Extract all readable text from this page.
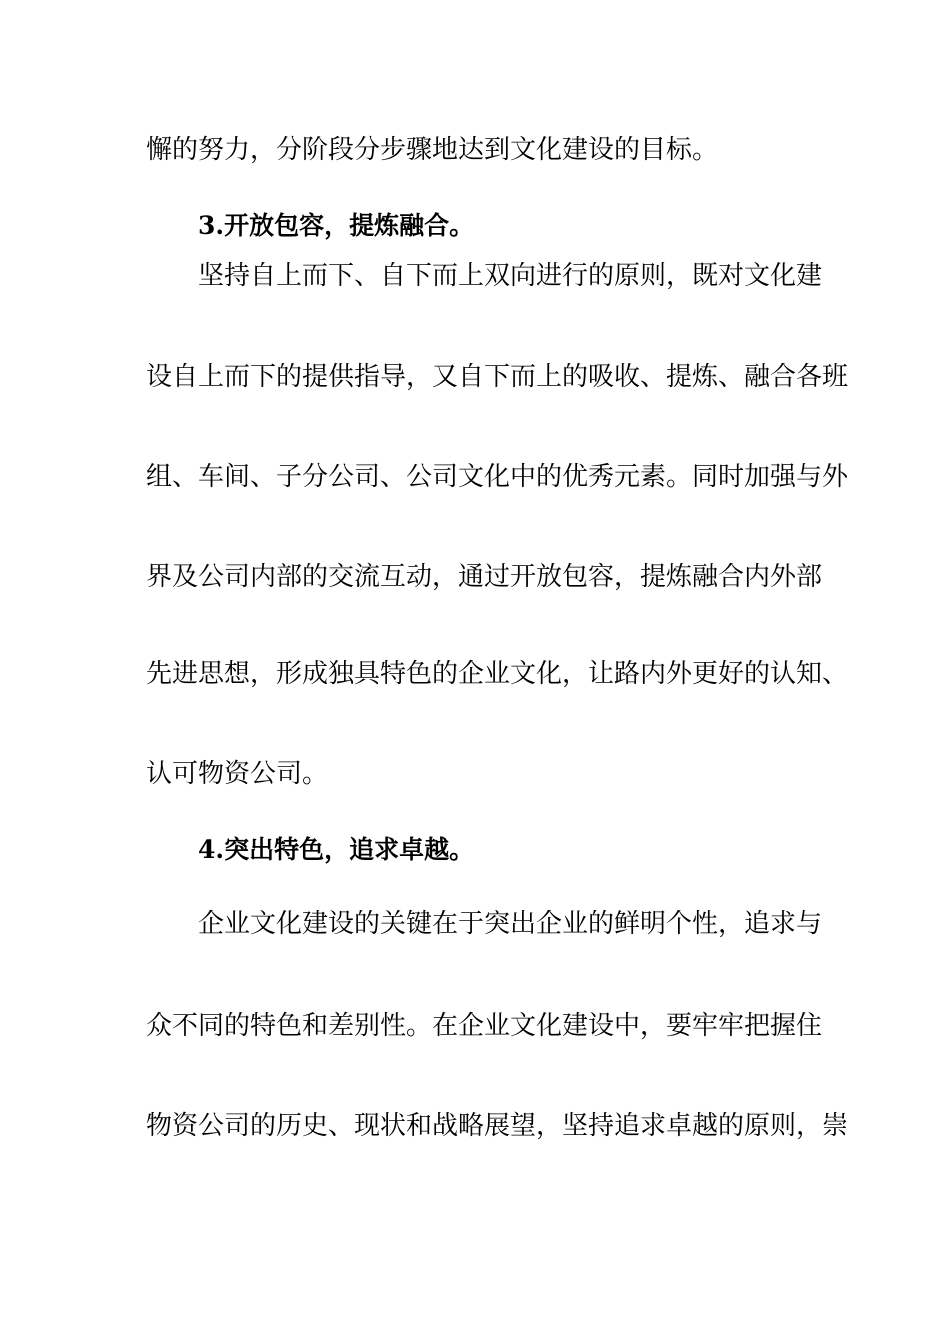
懈的努力，分阶段分步骤地达到文化建设的目标。
3.开放包容，提炼融合。
坚持自上而下、自下而上双向进行的原则，既对文化建
设自上而下的提供指导，又自下而上的吸收、提炼、融合各班
组、车间、子分公司、公司文化中的优秀元素。同时加强与外
界及公司内部的交流互动，通过开放包容，提炼融合内外部
先进思想，形成独具特色的企业文化，让路内外更好的认知、
认可物资公司。
4.突出特色，追求卓越。
企业文化建设的关键在于突出企业的鲜明个性，追求与
众不同的特色和差别性。在企业文化建设中，要牢牢把握住
物资公司的历史、现状和战略展望，坚持追求卓越的原则，崇
